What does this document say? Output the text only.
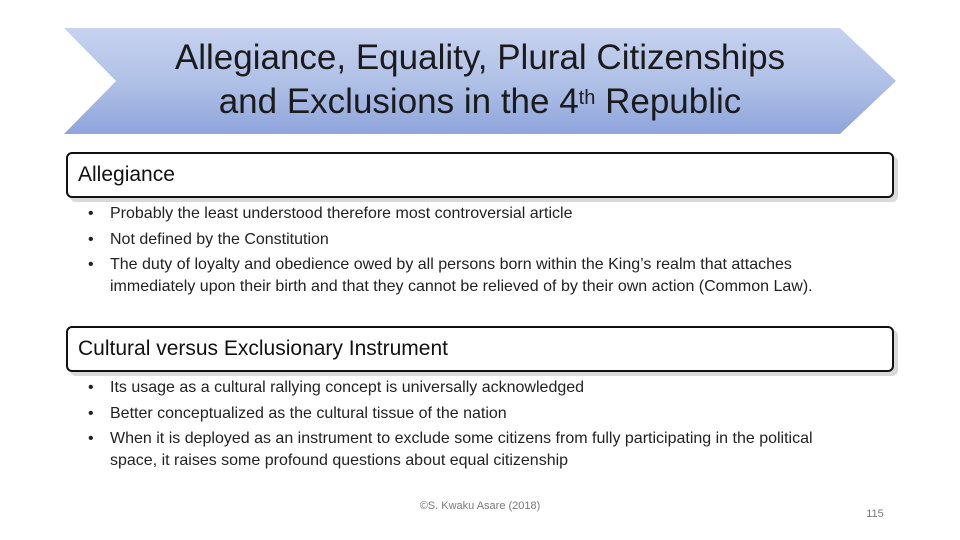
Allegiance, Equality, Plural Citizenships
and Exclusions in the 4th Republic
Allegiance
• Probably the least understood therefore most controversial article
• Not defined by the Constitution
• The duty of loyalty and obedience owed by all persons born within the King’s realm that attaches immediately upon their birth and that they cannot be relieved of by their own action (Common Law).
Cultural versus Exclusionary Instrument
• Its usage as a cultural rallying concept is universally acknowledged
• Better conceptualized as the cultural tissue of the nation
• When it is deployed as an instrument to exclude some citizens from fully participating in the political space, it raises some profound questions about equal citizenship
©S. Kwaku Asare (2018)
115
